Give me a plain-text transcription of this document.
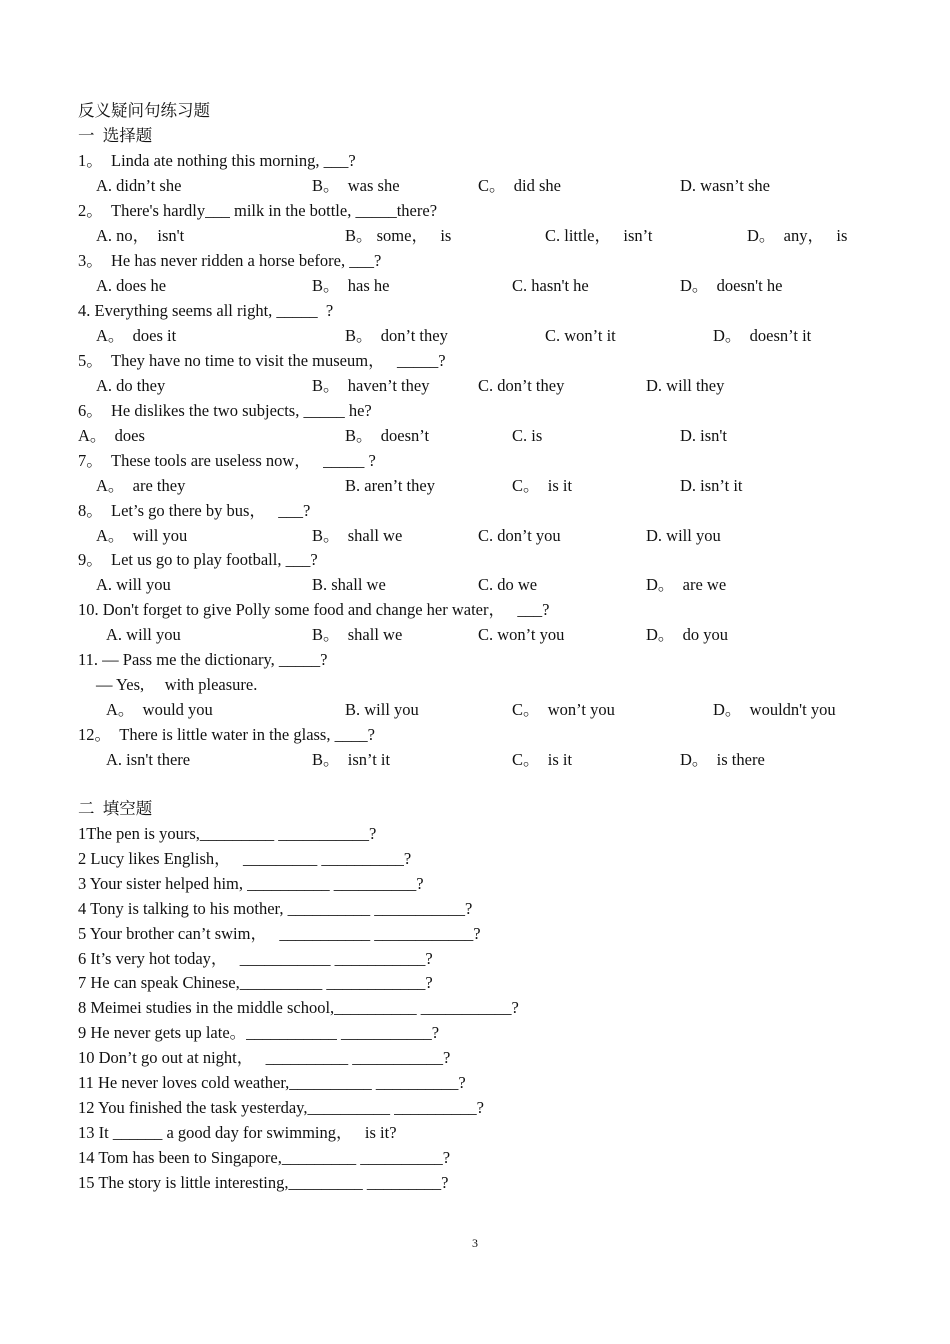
反义疑问句练习题
一  选择题
1。  Linda ate nothing this morning, ___?
A. didn’t she	B。  was she	C。  did she	D. wasn’t she
2。  There's hardly___ milk in the bottle, _____there?
A. no，  isn't	B。 some，   is	C. little，   isn’t	D。  any，   is
3。  He has never ridden a horse before, ___?
A. does he	B。  has he	C. hasn't he	D。  doesn't he
4. Everything seems all right, _____  ?
A。  does it	B。  don’t they	C. won’t it	D。  doesn’t it
5。  They have no time to visit the museum，   _____?
A. do they	B。  haven’t they	C. don’t they	D. will they
6。  He dislikes the two subjects, _____ he?
A。  does	B。  doesn’t	C. is	D. isn't
7。  These tools are useless now，   _____ ?
A。  are they	B. aren’t they	C。  is it	D. isn’t it
8。  Let’s go there by bus，   ___?
A。  will you	B。  shall we	C. don’t you	D. will you
9。  Let us go to play football, ___?
A. will you	B. shall we	C. do we	D。  are we
10. Don't forget to give Polly some food and change her water，   ___?
A. will you	B。  shall we	C. won’t you	D。  do you
11. — Pass me the dictionary, _____?
— Yes,     with pleasure.
A。  would you	B. will you	C。  won’t you	D。  wouldn't you
12。  There is little water in the glass, ____?
A. isn't there	B。  isn’t it	C。  is it	D。  is there
二  填空题
1The pen is yours,_________ ___________?
2 Lucy likes English，   _________ __________?
3 Your sister helped him, __________ __________?
4 Tony is talking to his mother, __________ ___________?
5 Your brother can’t swim，   ___________ ____________?
6 It’s very hot today，   ___________ ___________?
7 He can speak Chinese,__________ ____________?
8 Meimei studies in the middle school,__________ ___________?
9 He never gets up late。___________ ___________?
10 Don’t go out at night，   __________ ___________?
11 He never loves cold weather,__________ __________?
12 You finished the task yesterday,__________ __________?
13 It ______ a good day for swimming，   is it?
14 Tom has been to Singapore,_________ __________?
15 The story is little interesting,_________ _________?
3
